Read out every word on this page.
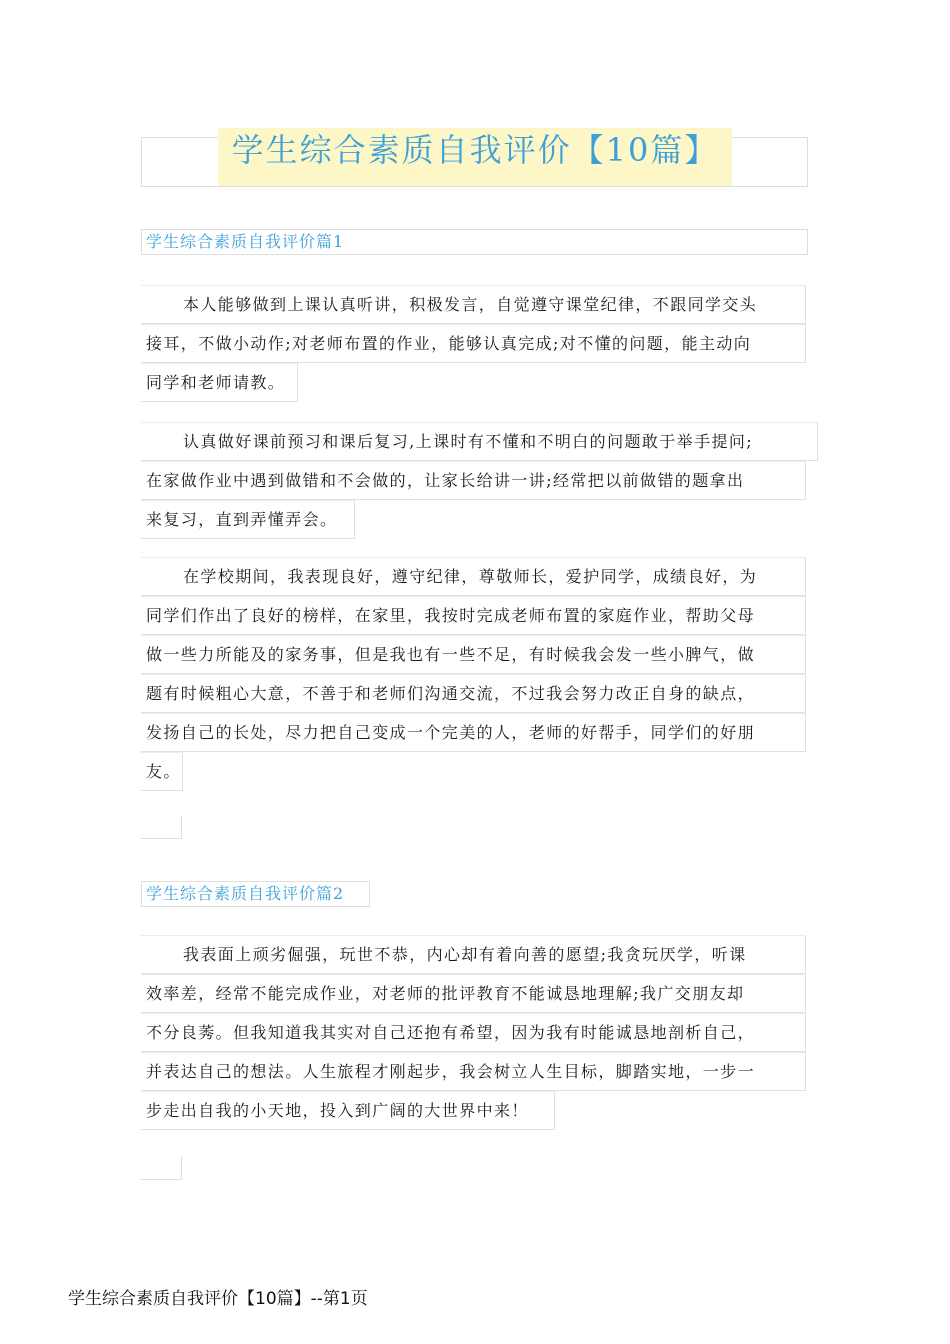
学生综合素质自我评价【10篇】
学生综合素质自我评价篇1
本人能够做到上课认真听讲，积极发言，自觉遵守课堂纪律，不跟同学交头
接耳，不做小动作;对老师布置的作业，能够认真完成;对不懂的问题，能主动向
同学和老师请教。
认真做好课前预习和课后复习,上课时有不懂和不明白的问题敢于举手提问;
在家做作业中遇到做错和不会做的，让家长给讲一讲;经常把以前做错的题拿出
来复习，直到弄懂弄会。
在学校期间，我表现良好，遵守纪律，尊敬师长，爱护同学，成绩良好，为
同学们作出了良好的榜样，在家里，我按时完成老师布置的家庭作业，帮助父母
做一些力所能及的家务事，但是我也有一些不足，有时候我会发一些小脾气，做
题有时候粗心大意，不善于和老师们沟通交流，不过我会努力改正自身的缺点，
发扬自己的长处，尽力把自己变成一个完美的人，老师的好帮手，同学们的好朋
友。
学生综合素质自我评价篇2
我表面上顽劣倔强，玩世不恭，内心却有着向善的愿望;我贪玩厌学，听课
效率差，经常不能完成作业，对老师的批评教育不能诚恳地理解;我广交朋友却
不分良莠。但我知道我其实对自己还抱有希望，因为我有时能诚恳地剖析自己，
并表达自己的想法。人生旅程才刚起步，我会树立人生目标，脚踏实地，一步一
步走出自我的小天地，投入到广阔的大世界中来！
学生综合素质自我评价【10篇】--第1页
